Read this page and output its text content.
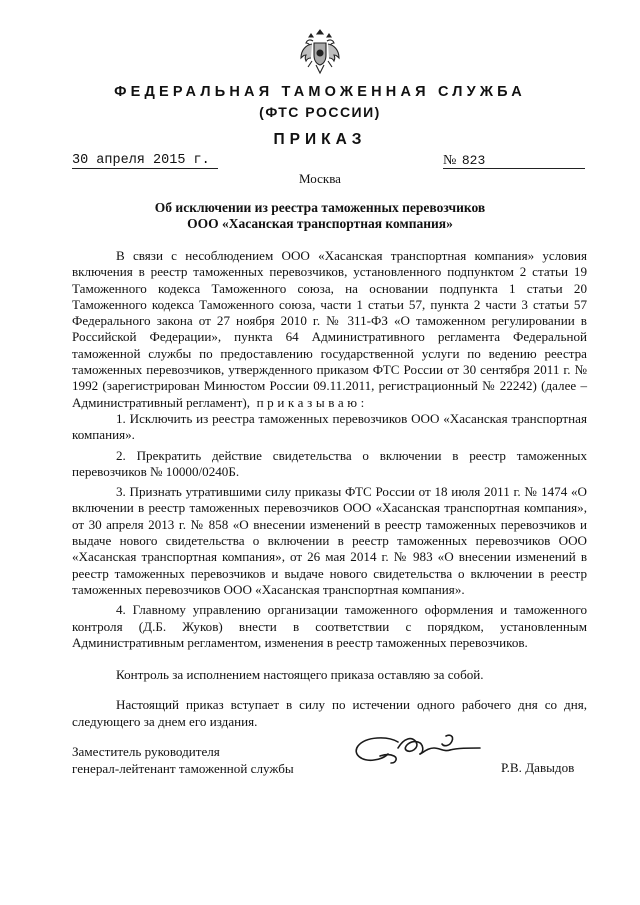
ФЕДЕРАЛЬНАЯ ТАМОЖЕННАЯ СЛУЖБА
(ФТС РОССИИ)
ПРИКАЗ
30 апреля 2015 г.	№ 823
Москва
Об исключении из реестра таможенных перевозчиков
ООО «Хасанская транспортная компания»

В связи с несоблюдением ООО «Хасанская транспортная компания» условия включения в реестр таможенных перевозчиков, установленного подпунктом 2 статьи 19 Таможенного кодекса Таможенного союза, на основании подпункта 1 статьи 20 Таможенного кодекса Таможенного союза, части 1 статьи 57, пункта 2 части 3 статьи 57 Федерального закона от 27 ноября 2010 г. № 311-ФЗ «О таможенном регулировании в Российской Федерации», пункта 64 Административного регламента Федеральной таможенной службы по предоставлению государственной услуги по ведению реестра таможенных перевозчиков, утвержденного приказом ФТС России от 30 сентября 2011 г. № 1992 (зарегистрирован Минюстом России 09.11.2011, регистрационный № 22242) (далее – Административный регламент), приказываю:

1. Исключить из реестра таможенных перевозчиков ООО «Хасанская транспортная компания».

2. Прекратить действие свидетельства о включении в реестр таможенных перевозчиков № 10000/0240Б.

3. Признать утратившими силу приказы ФТС России от 18 июля 2011 г. № 1474 «О включении в реестр таможенных перевозчиков ООО «Хасанская транспортная компания», от 30 апреля 2013 г. № 858 «О внесении изменений в реестр таможенных перевозчиков и выдаче нового свидетельства о включении в реестр таможенных перевозчиков ООО «Хасанская транспортная компания», от 26 мая 2014 г. № 983 «О внесении изменений в реестр таможенных перевозчиков и выдаче нового свидетельства о включении в реестр таможенных перевозчиков ООО «Хасанская транспортная компания».

4. Главному управлению организации таможенного оформления и таможенного контроля (Д.Б. Жуков) внести в соответствии с порядком, установленным Административным регламентом, изменения в реестр таможенных перевозчиков.

Контроль за исполнением настоящего приказа оставляю за собой.

Настоящий приказ вступает в силу по истечении одного рабочего дня со дня, следующего за днем его издания.

Заместитель руководителя
генерал-лейтенант таможенной службы	Р.В. Давыдов
